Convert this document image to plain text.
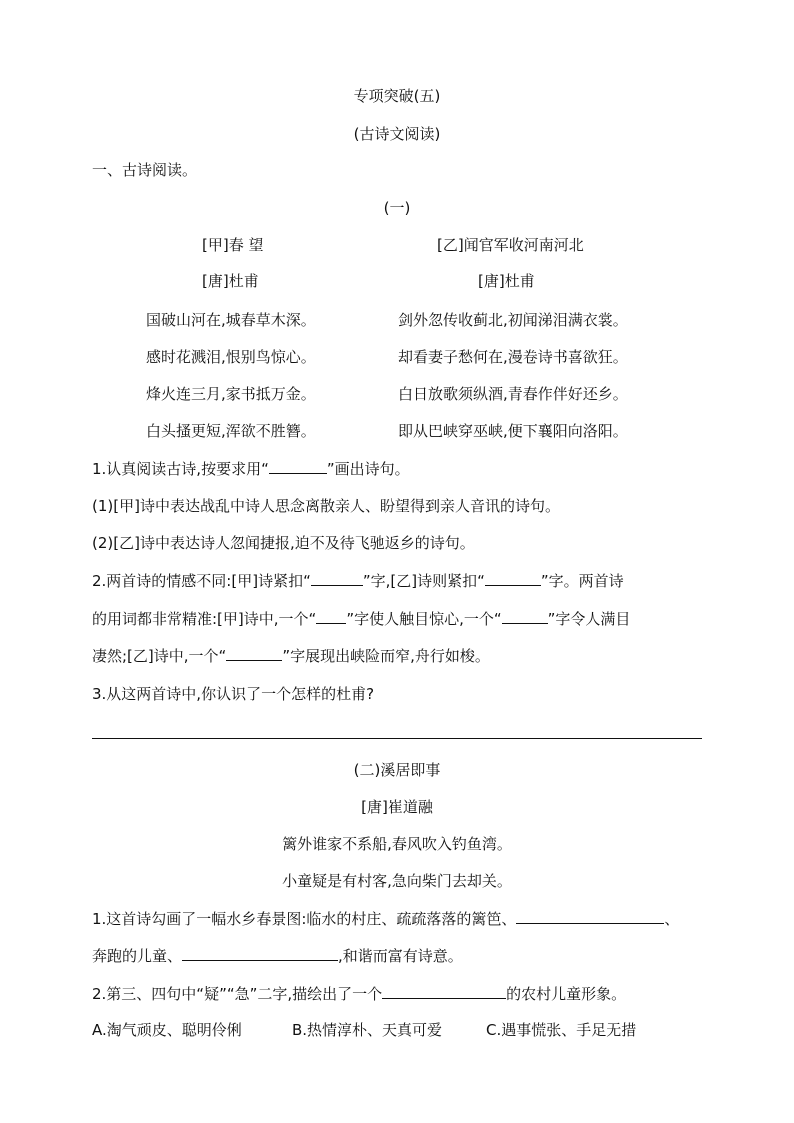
专项突破(五)
(古诗文阅读)
一、古诗阅读。
(一)
[甲]春 望
[唐]杜甫
国破山河在,城春草木深。
感时花溅泪,恨别鸟惊心。
烽火连三月,家书抵万金。
白头搔更短,浑欲不胜簪。
[乙]闻官军收河南河北
[唐]杜甫
剑外忽传收蓟北,初闻涕泪满衣裳。
却看妻子愁何在,漫卷诗书喜欲狂。
白日放歌须纵酒,青春作伴好还乡。
即从巴峡穿巫峡,便下襄阳向洛阳。
1.认真阅读古诗,按要求用“	”画出诗句。
(1)[甲]诗中表达战乱中诗人思念离散亲人、盼望得到亲人音讯的诗句。
(2)[乙]诗中表达诗人忽闻捷报,迫不及待飞驰返乡的诗句。
2.两首诗的情感不同:[甲]诗紧扣“	”字,[乙]诗则紧扣“	”字。两首诗
的用词都非常精准:[甲]诗中,一个“ ”字使人触目惊心,一个“	”字令人满目
凄然;[乙]诗中,一个“	”字展现出峡险而窄,舟行如梭。
3.从这两首诗中,你认识了一个怎样的杜甫?
(二)溪居即事
[唐]崔道融
篱外谁家不系船,春风吹入钓鱼湾。
小童疑是有村客,急向柴门去却关。
1.这首诗勾画了一幅水乡春景图:临水的村庄、疏疏落落的篱笆、	、
奔跑的儿童、	,和谐而富有诗意。
2.第三、四句中“疑”“急”二字,描绘出了一个	的农村儿童形象。
A.淘气顽皮、聪明伶俐	B.热情淳朴、天真可爱	C.遇事慌张、手足无措
